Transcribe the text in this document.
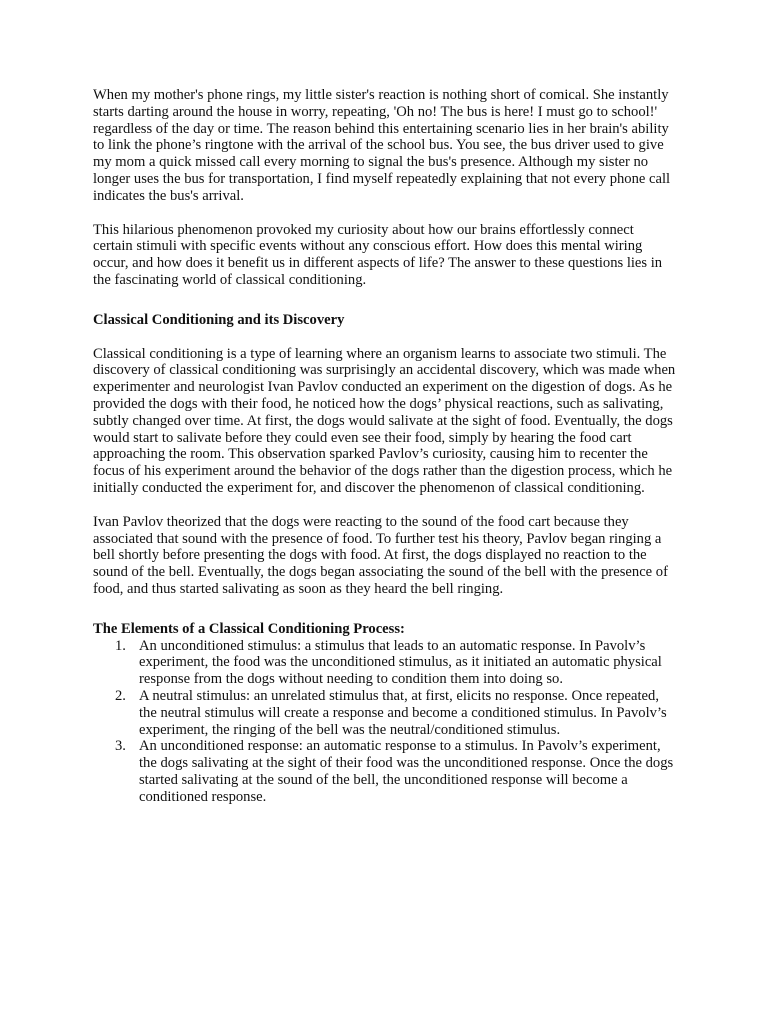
When my mother's phone rings, my little sister's reaction is nothing short of comical. She instantly starts darting around the house in worry, repeating, 'Oh no! The bus is here! I must go to school!' regardless of the day or time. The reason behind this entertaining scenario lies in her brain's ability to link the phone’s ringtone with the arrival of the school bus. You see, the bus driver used to give my mom a quick missed call every morning to signal the bus's presence. Although my sister no longer uses the bus for transportation, I find myself repeatedly explaining that not every phone call indicates the bus's arrival.

This hilarious phenomenon provoked my curiosity about how our brains effortlessly connect certain stimuli with specific events without any conscious effort. How does this mental wiring occur, and how does it benefit us in different aspects of life? The answer to these questions lies in the fascinating world of classical conditioning.

Classical Conditioning and its Discovery

Classical conditioning is a type of learning where an organism learns to associate two stimuli. The discovery of classical conditioning was surprisingly an accidental discovery, which was made when experimenter and neurologist Ivan Pavlov conducted an experiment on the digestion of dogs. As he provided the dogs with their food, he noticed how the dogs’ physical reactions, such as salivating, subtly changed over time. At first, the dogs would salivate at the sight of food. Eventually, the dogs would start to salivate before they could even see their food, simply by hearing the food cart approaching the room. This observation sparked Pavlov’s curiosity, causing him to recenter the focus of his experiment around the behavior of the dogs rather than the digestion process, which he initially conducted the experiment for, and discover the phenomenon of classical conditioning.

Ivan Pavlov theorized that the dogs were reacting to the sound of the food cart because they associated that sound with the presence of food. To further test his theory, Pavlov began ringing a bell shortly before presenting the dogs with food. At first, the dogs displayed no reaction to the sound of the bell. Eventually, the dogs began associating the sound of the bell with the presence of food, and thus started salivating as soon as they heard the bell ringing.

The Elements of a Classical Conditioning Process:

1. An unconditioned stimulus: a stimulus that leads to an automatic response. In Pavolv’s experiment, the food was the unconditioned stimulus, as it initiated an automatic physical response from the dogs without needing to condition them into doing so.
2. A neutral stimulus: an unrelated stimulus that, at first, elicits no response. Once repeated, the neutral stimulus will create a response and become a conditioned stimulus. In Pavolv’s experiment, the ringing of the bell was the neutral/conditioned stimulus.
3. An unconditioned response: an automatic response to a stimulus. In Pavolv’s experiment, the dogs salivating at the sight of their food was the unconditioned response. Once the dogs started salivating at the sound of the bell, the unconditioned response will become a conditioned response.
